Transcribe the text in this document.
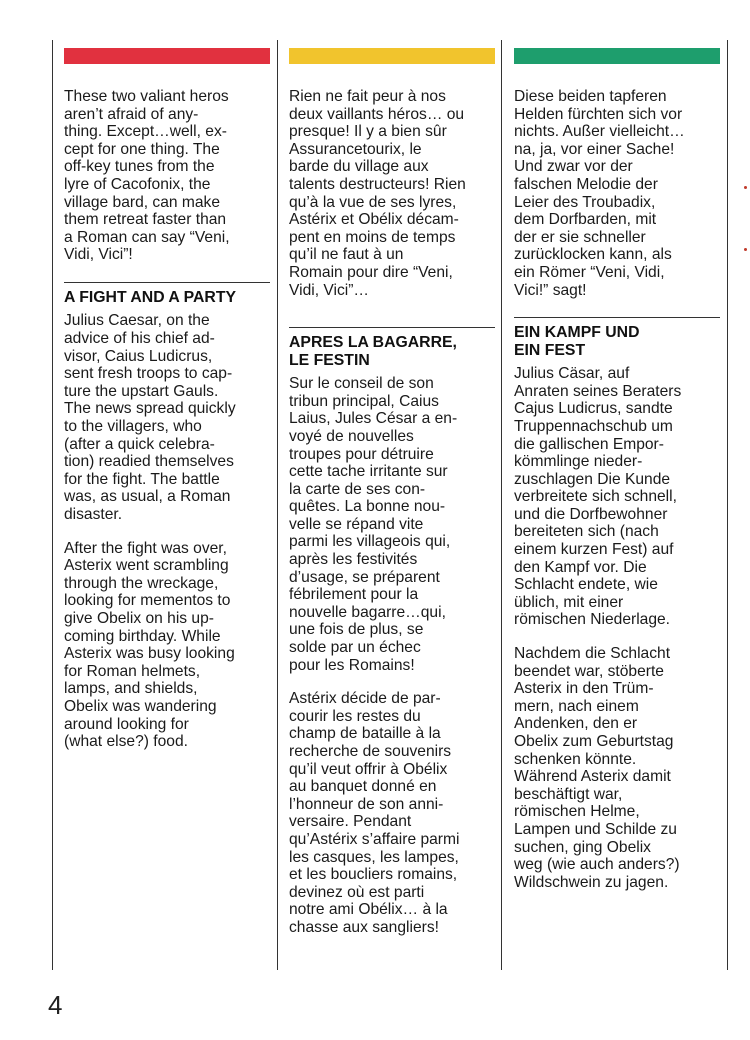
These two valiant heros
aren’t afraid of any-
thing. Except…well, ex-
cept for one thing. The
off-key tunes from the
lyre of Cacofonix, the
village bard, can make
them retreat faster than
a Roman can say “Veni,
Vidi, Vici”!

A FIGHT AND A PARTY

Julius Caesar, on the
advice of his chief ad-
visor, Caius Ludicrus,
sent fresh troops to cap-
ture the upstart Gauls.
The news spread quickly
to the villagers, who
(after a quick celebra-
tion) readied themselves
for the fight. The battle
was, as usual, a Roman
disaster.

After the fight was over,
Asterix went scrambling
through the wreckage,
looking for mementos to
give Obelix on his up-
coming birthday. While
Asterix was busy looking
for Roman helmets,
lamps, and shields,
Obelix was wandering
around looking for
(what else?) food.

Rien ne fait peur à nos
deux vaillants héros… ou
presque! Il y a bien sûr
Assurancetourix, le
barde du village aux
talents destructeurs! Rien
qu’à la vue de ses lyres,
Astérix et Obélix décam-
pent en moins de temps
qu’il ne faut à un
Romain pour dire “Veni,
Vidi, Vici”…

APRES LA BAGARRE,
LE FESTIN

Sur le conseil de son
tribun principal, Caius
Laius, Jules César a en-
voyé de nouvelles
troupes pour détruire
cette tache irritante sur
la carte de ses con-
quêtes. La bonne nou-
velle se répand vite
parmi les villageois qui,
après les festivités
d’usage, se préparent
fébrilement pour la
nouvelle bagarre…qui,
une fois de plus, se
solde par un échec
pour les Romains!

Astérix décide de par-
courir les restes du
champ de bataille à la
recherche de souvenirs
qu’il veut offrir à Obélix
au banquet donné en
l’honneur de son anni-
versaire. Pendant
qu’Astérix s’affaire parmi
les casques, les lampes,
et les boucliers romains,
devinez où est parti
notre ami Obélix… à la
chasse aux sangliers!

Diese beiden tapferen
Helden fürchten sich vor
nichts. Außer vielleicht…
na, ja, vor einer Sache!
Und zwar vor der
falschen Melodie der
Leier des Troubadix,
dem Dorfbarden, mit
der er sie schneller
zurücklocken kann, als
ein Römer “Veni, Vidi,
Vici!” sagt!

EIN KAMPF UND
EIN FEST

Julius Cäsar, auf
Anraten seines Beraters
Cajus Ludicrus, sandte
Truppennachschub um
die gallischen Empor-
kömmlinge nieder-
zuschlagen Die Kunde
verbreitete sich schnell,
und die Dorfbewohner
bereiteten sich (nach
einem kurzen Fest) auf
den Kampf vor. Die
Schlacht endete, wie
üblich, mit einer
römischen Niederlage.

Nachdem die Schlacht
beendet war, stöberte
Asterix in den Trüm-
mern, nach einem
Andenken, den er
Obelix zum Geburtstag
schenken könnte.
Während Asterix damit
beschäftigt war,
römischen Helme,
Lampen und Schilde zu
suchen, ging Obelix
weg (wie auch anders?)
Wildschwein zu jagen.

4
